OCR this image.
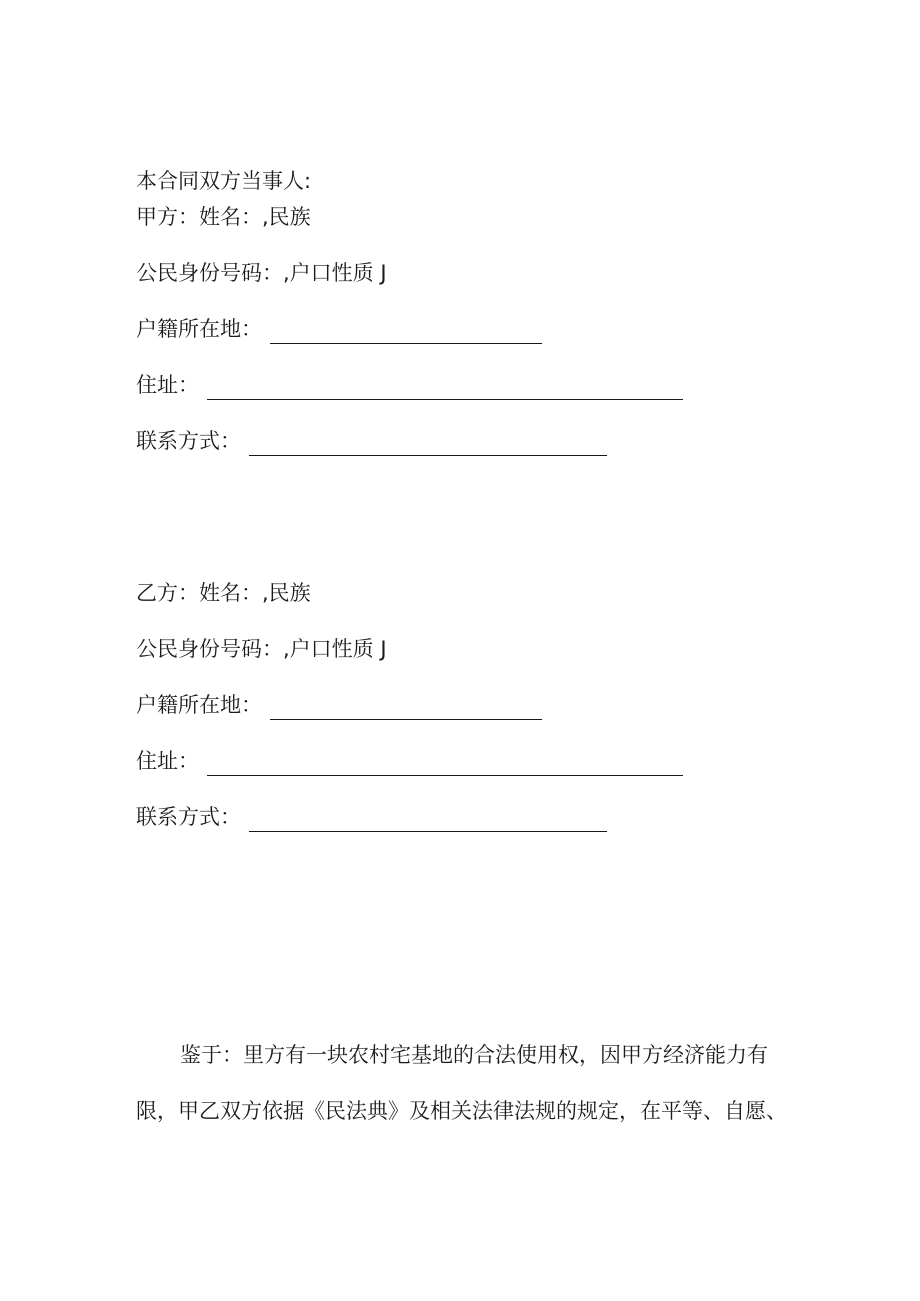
本合同双方当事人:
甲方：姓名：,民族
公民身份号码：,户口性质 J
户籍所在地：
住址：
联系方式：
乙方：姓名：,民族
公民身份号码：,户口性质 J
户籍所在地：
住址：
联系方式：
鉴于：里方有一块农村宅基地的合法使用权，因甲方经济能力有
限，甲乙双方依据《民法典》及相关法律法规的规定，在平等、自愿、
